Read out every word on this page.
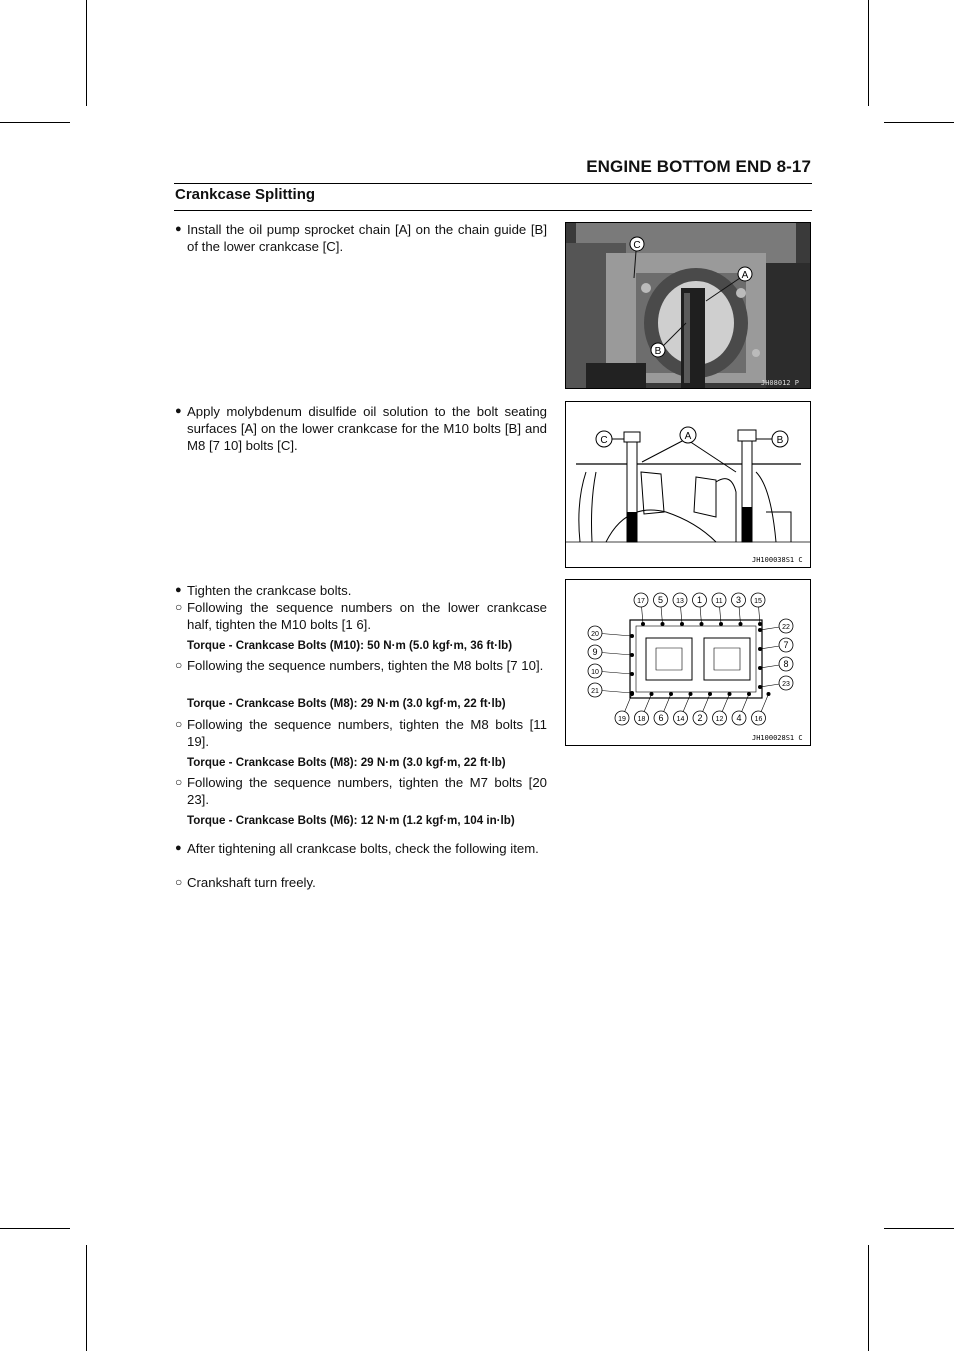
ENGINE BOTTOM END 8-17
Crankcase Splitting
● Install the oil pump sprocket chain [A] on the chain guide [B] of the lower crankcase [C].
● Apply molybdenum disulfide oil solution to the bolt seating surfaces [A] on the lower crankcase for the M10 bolts [B] and M8 [7 10] bolts [C].
● Tighten the crankcase bolts.
○ Following the sequence numbers on the lower crankcase half, tighten the M10 bolts [1 6].
Torque - Crankcase Bolts (M10): 50 N·m (5.0 kgf·m, 36 ft·lb)
○ Following the sequence numbers, tighten the M8 bolts [7 10].
Torque - Crankcase Bolts (M8): 29 N·m (3.0 kgf·m, 22 ft·lb)
○ Following the sequence numbers, tighten the M8 bolts [11 19].
Torque - Crankcase Bolts (M8): 29 N·m (3.0 kgf·m, 22 ft·lb)
○ Following the sequence numbers, tighten the M7 bolts [20 23].
Torque - Crankcase Bolts (M6): 12 N·m (1.2 kgf·m, 104 in·lb)
● After tightening all crankcase bolts, check the following item.
○ Crankshaft turn freely.
C
A
B
JH08012 P
C	A	B
JH100038S1 C
17 5 13 1 11 3 15
19 18 6 14 2 12 4 16
20
9
10
21
22
7
8
23
JH100028S1 C
